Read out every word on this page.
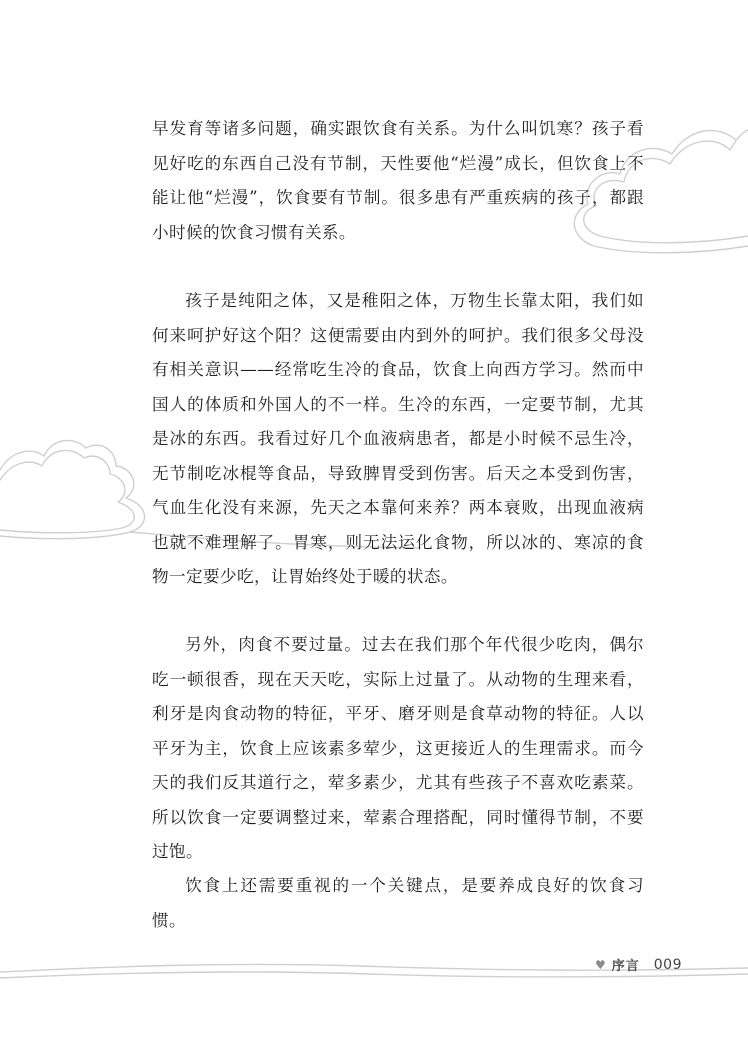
早发育等诸多问题，确实跟饮食有关系。为什么叫饥寒？孩子看见好吃的东西自己没有节制，天性要他“烂漫”成长，但饮食上不能让他“烂漫”，饮食要有节制。很多患有严重疾病的孩子，都跟小时候的饮食习惯有关系。

孩子是纯阳之体，又是稚阳之体，万物生长靠太阳，我们如何来呵护好这个阳？这便需要由内到外的呵护。我们很多父母没有相关意识——经常吃生冷的食品，饮食上向西方学习。然而中国人的体质和外国人的不一样。生冷的东西，一定要节制，尤其是冰的东西。我看过好几个血液病患者，都是小时候不忌生冷，无节制吃冰棍等食品，导致脾胃受到伤害。后天之本受到伤害，气血生化没有来源，先天之本靠何来养？两本衰败，出现血液病也就不难理解了。胃寒，则无法运化食物，所以冰的、寒凉的食物一定要少吃，让胃始终处于暖的状态。

另外，肉食不要过量。过去在我们那个年代很少吃肉，偶尔吃一顿很香，现在天天吃，实际上过量了。从动物的生理来看，利牙是肉食动物的特征，平牙、磨牙则是食草动物的特征。人以平牙为主，饮食上应该素多荤少，这更接近人的生理需求。而今天的我们反其道行之，荤多素少，尤其有些孩子不喜欢吃素菜。所以饮食一定要调整过来，荤素合理搭配，同时懂得节制，不要过饱。

饮食上还需要重视的一个关键点，是要养成良好的饮食习惯。

♥ 序言 009
